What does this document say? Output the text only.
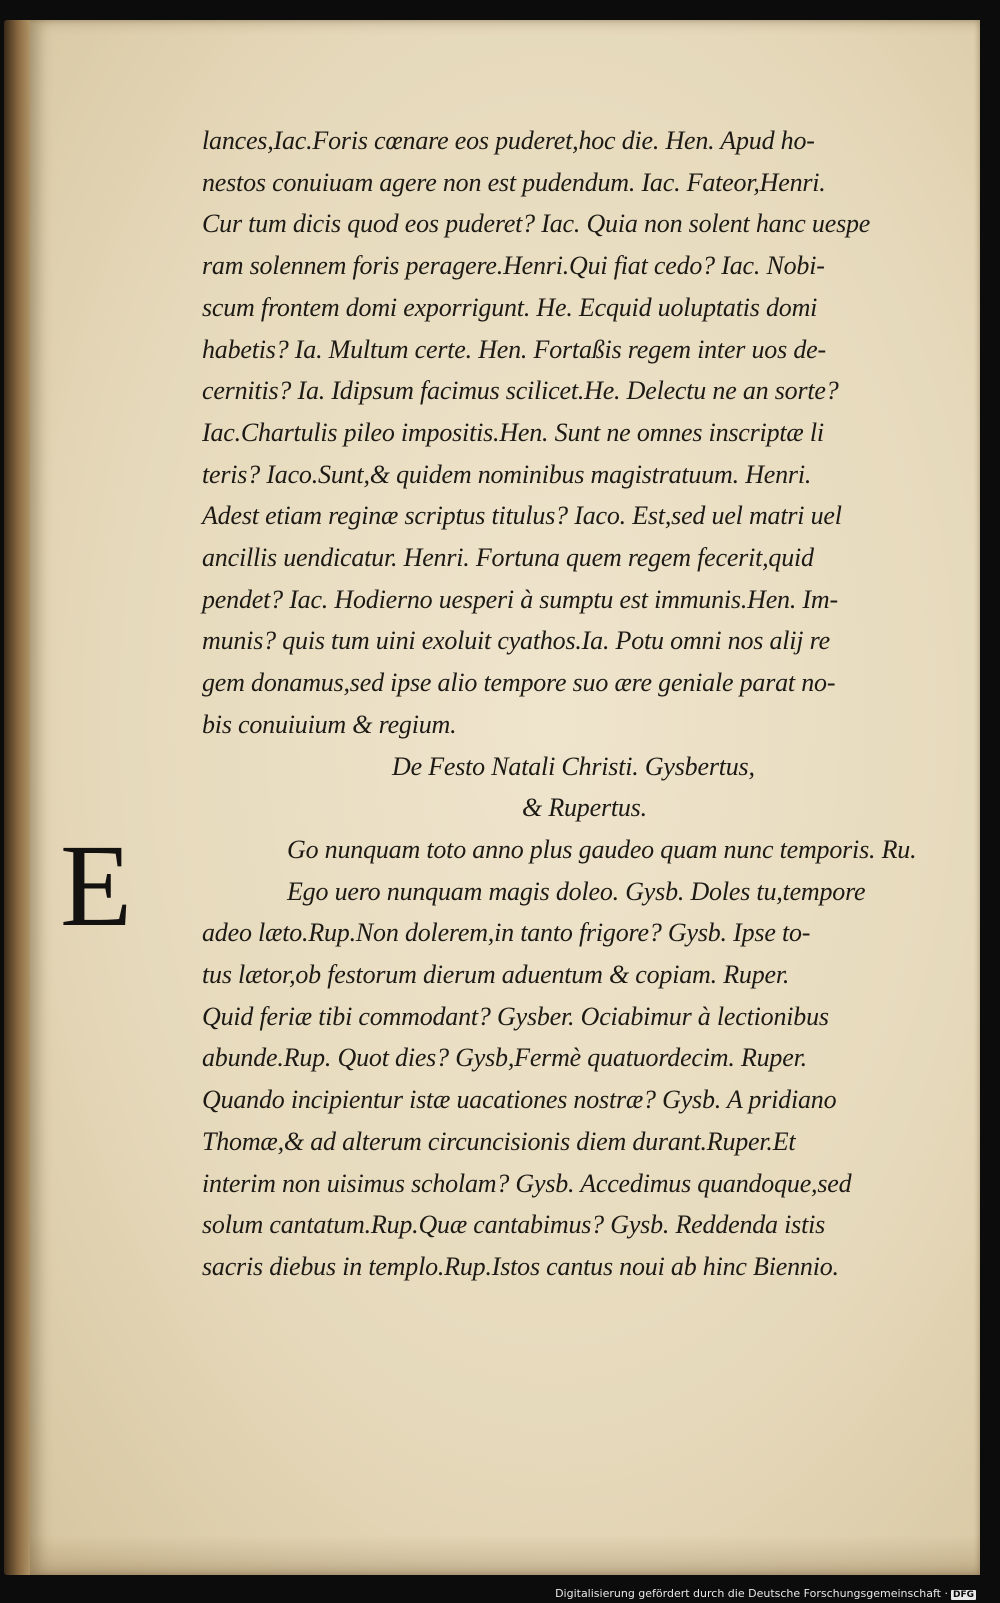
lances,Iac.Foris cœnare eos puderet,hoc die. Hen. Apud ho-
nestos conuiuam agere non est pudendum. Iac. Fateor,Henri.
Cur tum dicis quod eos puderet? Iac. Quia non solent hanc uespe
ram solennem foris peragere.Henri.Qui fiat cedo? Iac. Nobi-
scum frontem domi exporrigunt. He. Ecquid uoluptatis domi
habetis? Ia. Multum certe. Hen. Fortaßis regem inter uos de-
cernitis? Ia. Idipsum facimus scilicet.He. Delectu ne an sorte?
Iac.Chartulis pileo impositis.Hen. Sunt ne omnes inscriptæ li
teris? Iaco.Sunt,& quidem nominibus magistratuum. Henri.
Adest etiam reginæ scriptus titulus? Iaco. Est,sed uel matri uel
ancillis uendicatur. Henri. Fortuna quem regem fecerit,quid
pendet? Iac. Hodierno uesperi à sumptu est immunis.Hen. Im-
munis? quis tum uini exoluit cyathos.Ia. Potu omni nos alij re
gem donamus,sed ipse alio tempore suo ære geniale parat no-
bis conuiuium & regium.
De Festo Natali Christi. Gysbertus,
& Rupertus.
Go nunquam toto anno plus gaudeo quam nunc temporis. Ru.
Ego uero nunquam magis doleo. Gysb. Doles tu,tempore
adeo læto.Rup.Non dolerem,in tanto frigore? Gysb. Ipse to-
tus lætor,ob festorum dierum aduentum & copiam. Ruper.
Quid feriæ tibi commodant? Gysber. Ociabimur à lectionibus
abunde.Rup. Quot dies? Gysb,Fermè quatuordecim. Ruper.
Quando incipientur istæ uacationes nostræ? Gysb. A pridiano
Thomæ,& ad alterum circuncisionis diem durant.Ruper.Et
interim non uisimus scholam? Gysb. Accedimus quandoque,sed
solum cantatum.Rup.Quæ cantabimus? Gysb. Reddenda istis
sacris diebus in templo.Rup.Istos cantus noui ab hinc Biennio.
E
Digitalisierung gefördert durch die Deutsche Forschungsgemeinschaft · DFG
